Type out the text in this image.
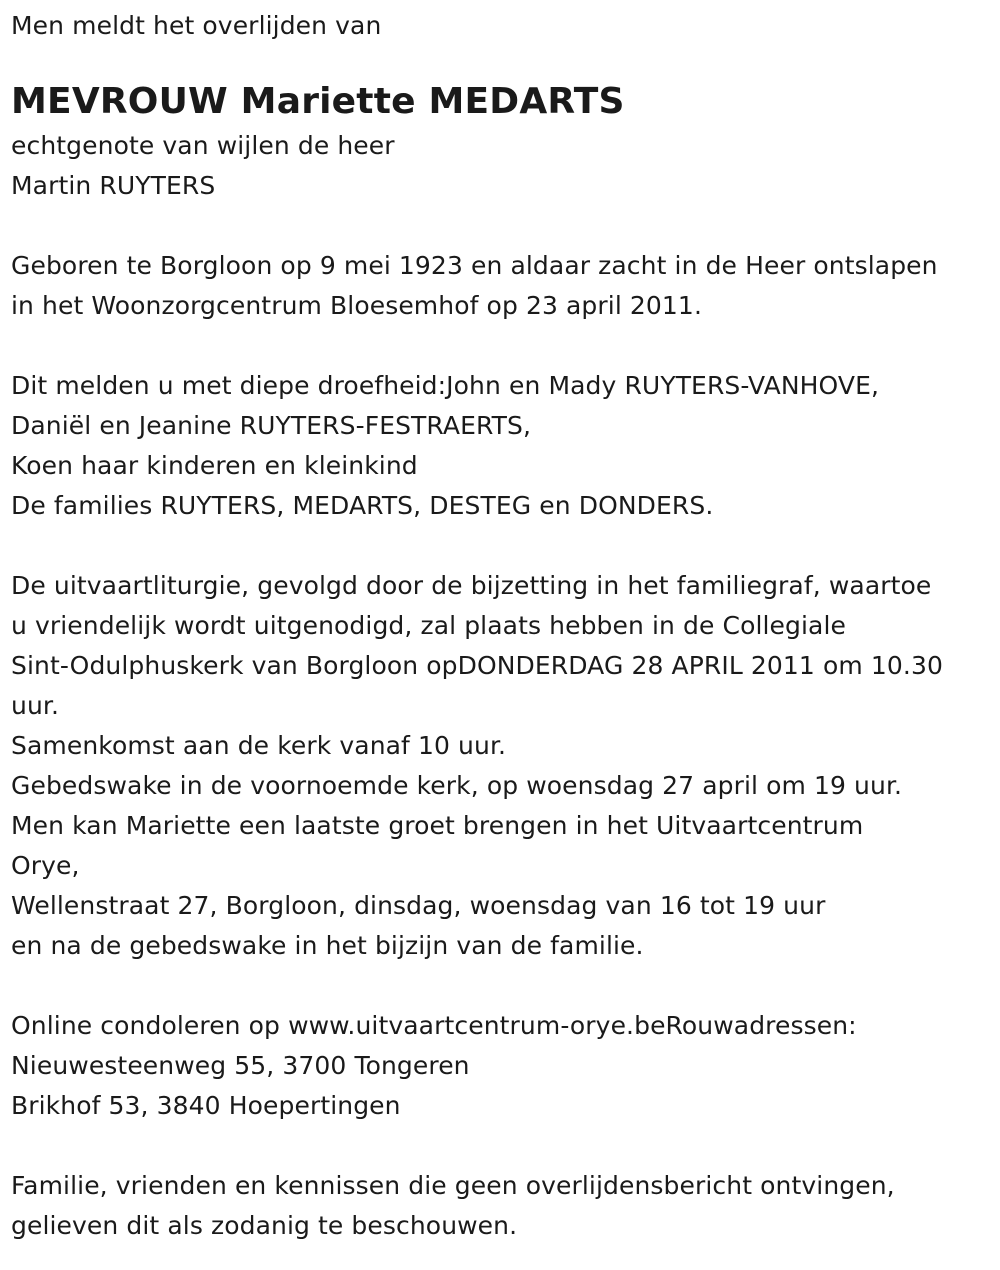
Men meldt het overlijden van
MEVROUW Mariette MEDARTS
echtgenote van wijlen de heer
Martin RUYTERS
Geboren te Borgloon op 9 mei 1923 en aldaar zacht in de Heer ontslapen
in het Woonzorgcentrum Bloesemhof op 23 april 2011.
Dit melden u met diepe droefheid:John en Mady RUYTERS-VANHOVE,
Daniël en Jeanine RUYTERS-FESTRAERTS,
Koen haar kinderen en kleinkind
De families RUYTERS, MEDARTS, DESTEG en DONDERS.
De uitvaartliturgie, gevolgd door de bijzetting in het familiegraf, waartoe
u vriendelijk wordt uitgenodigd, zal plaats hebben in de Collegiale
Sint-Odulphuskerk van Borgloon opDONDERDAG 28 APRIL 2011 om 10.30
uur.
Samenkomst aan de kerk vanaf 10 uur.
Gebedswake in de voornoemde kerk, op woensdag 27 april om 19 uur.
Men kan Mariette een laatste groet brengen in het Uitvaartcentrum
Orye,
Wellenstraat 27, Borgloon, dinsdag, woensdag van 16 tot 19 uur
en na de gebedswake in het bijzijn van de familie.
Online condoleren op www.uitvaartcentrum-orye.beRouwadressen:
Nieuwesteenweg 55, 3700 Tongeren
Brikhof 53, 3840 Hoepertingen
Familie, vrienden en kennissen die geen overlijdensbericht ontvingen,
gelieven dit als zodanig te beschouwen.
